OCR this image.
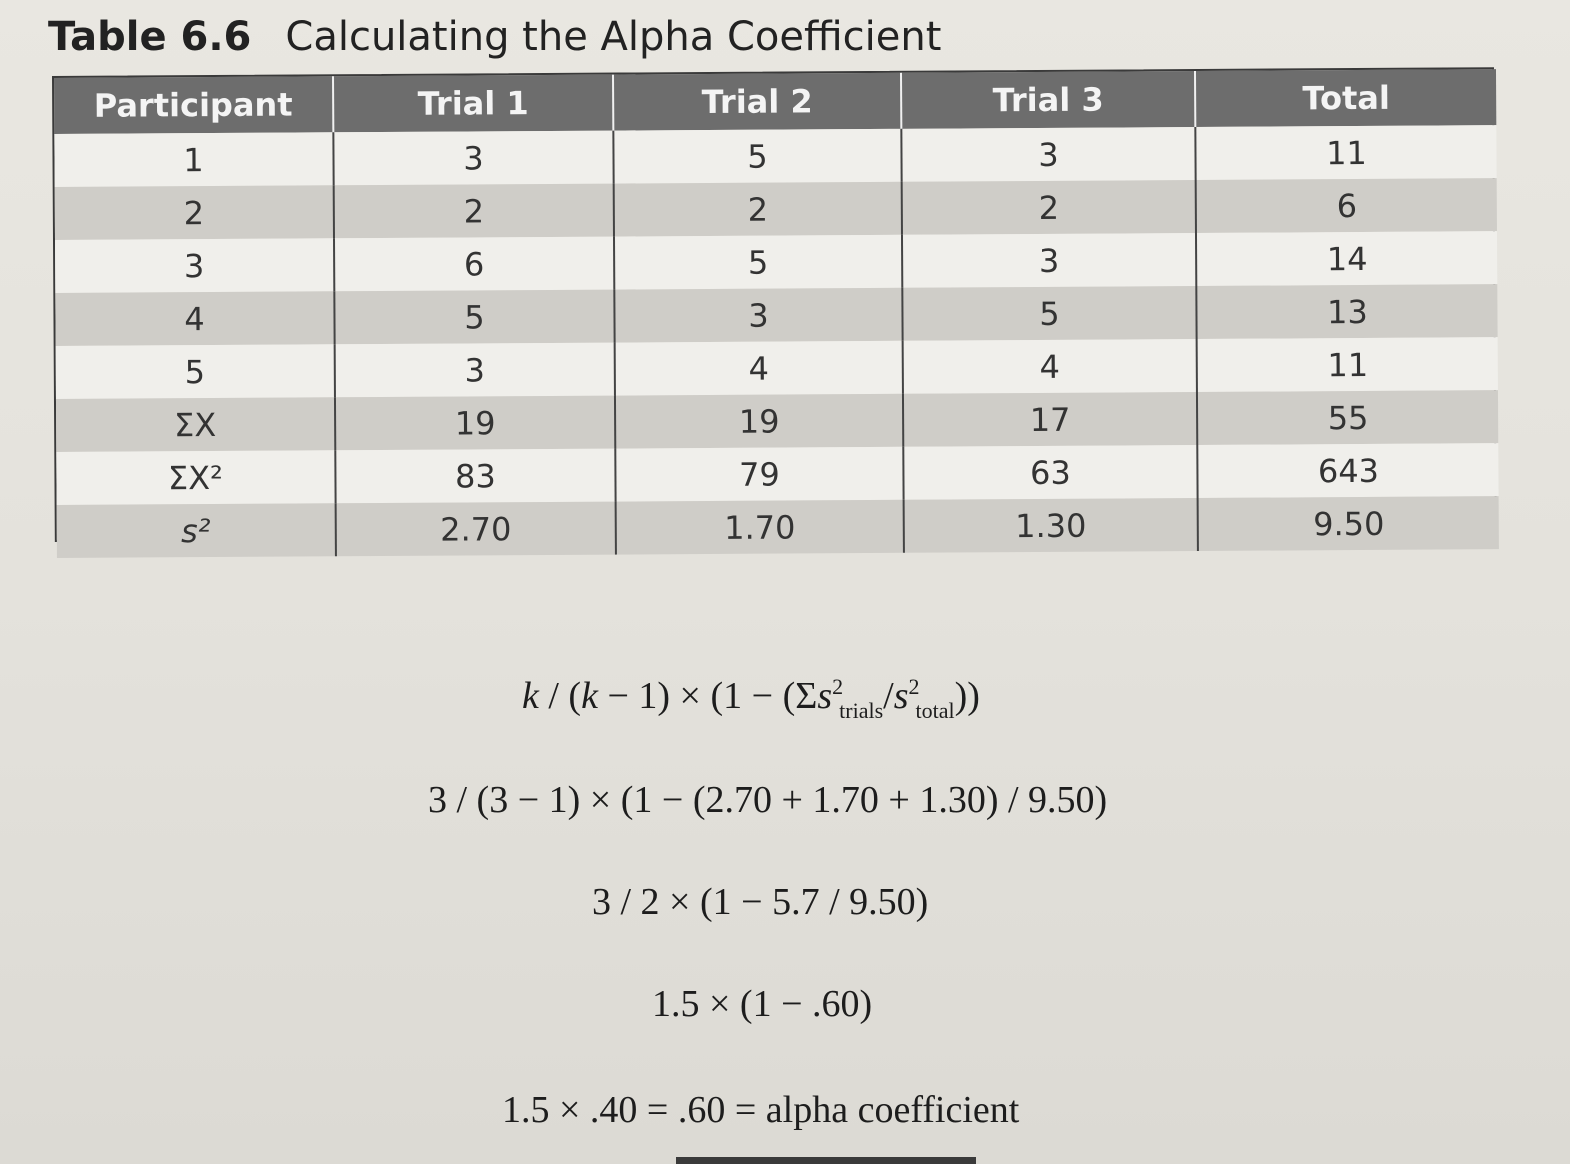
Table 6.6 Calculating the Alpha Coefficient
Participant	Trial 1	Trial 2	Trial 3	Total
1	3	5	3	11
2	2	2	2	6
3	6	5	3	14
4	5	3	5	13
5	3	4	4	11
ΣX	19	19	17	55
ΣX²	83	79	63	643
s²	2.70	1.70	1.30	9.50
$k / (k - 1) \times (1 - (\Sigma s^2_{trials}/s^2_{total}))$
3 / (3 − 1) × (1 − (2.70 + 1.70 + 1.30) / 9.50)
3 / 2 × (1 − 5.7 / 9.50)
1.5 × (1 − .60)
1.5 × .40 = .60 = alpha coefficient
